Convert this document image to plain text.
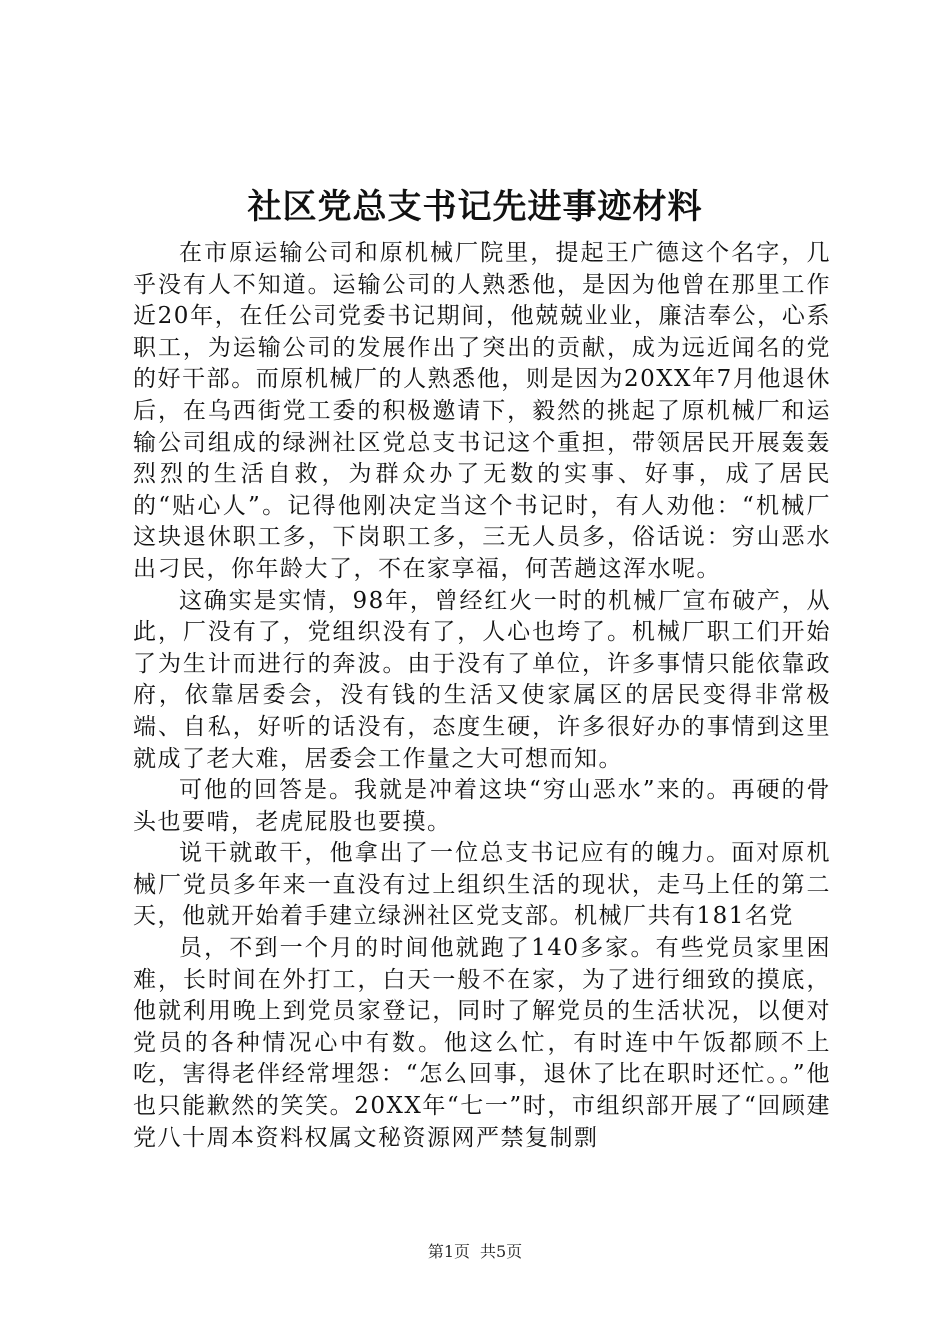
社区党总支书记先进事迹材料

在市原运输公司和原机械厂院里，提起王广德这个名字，几乎没有人不知道。运输公司的人熟悉他，是因为他曾在那里工作近20年，在任公司党委书记期间，他兢兢业业，廉洁奉公，心系职工，为运输公司的发展作出了突出的贡献，成为远近闻名的党的好干部。而原机械厂的人熟悉他，则是因为20XX年7月他退休后，在乌西街党工委的积极邀请下，毅然的挑起了原机械厂和运输公司组成的绿洲社区党总支书记这个重担，带领居民开展轰轰烈烈的生活自救，为群众办了无数的实事、好事，成了居民的“贴心人”。记得他刚决定当这个书记时，有人劝他：“机械厂这块退休职工多，下岗职工多，三无人员多，俗话说：穷山恶水出刁民，你年龄大了，不在家享福，何苦趟这浑水呢。

这确实是实情，98年，曾经红火一时的机械厂宣布破产，从此，厂没有了，党组织没有了，人心也垮了。机械厂职工们开始了为生计而进行的奔波。由于没有了单位，许多事情只能依靠政府，依靠居委会，没有钱的生活又使家属区的居民变得非常极端、自私，好听的话没有，态度生硬，许多很好办的事情到这里就成了老大难，居委会工作量之大可想而知。

可他的回答是。我就是冲着这块“穷山恶水”来的。再硬的骨头也要啃，老虎屁股也要摸。

说干就敢干，他拿出了一位总支书记应有的魄力。面对原机械厂党员多年来一直没有过上组织生活的现状，走马上任的第二天，他就开始着手建立绿洲社区党支部。机械厂共有181名党

员，不到一个月的时间他就跑了140多家。有些党员家里困难，长时间在外打工，白天一般不在家，为了进行细致的摸底，他就利用晚上到党员家登记，同时了解党员的生活状况，以便对党员的各种情况心中有数。他这么忙，有时连中午饭都顾不上吃，害得老伴经常埋怨：“怎么回事，退休了比在职时还忙。。”他也只能歉然的笑笑。20XX年“七一”时，市组织部开展了“回顾建党八十周本资料权属文秘资源网严禁复制剽

第1页 共5页
